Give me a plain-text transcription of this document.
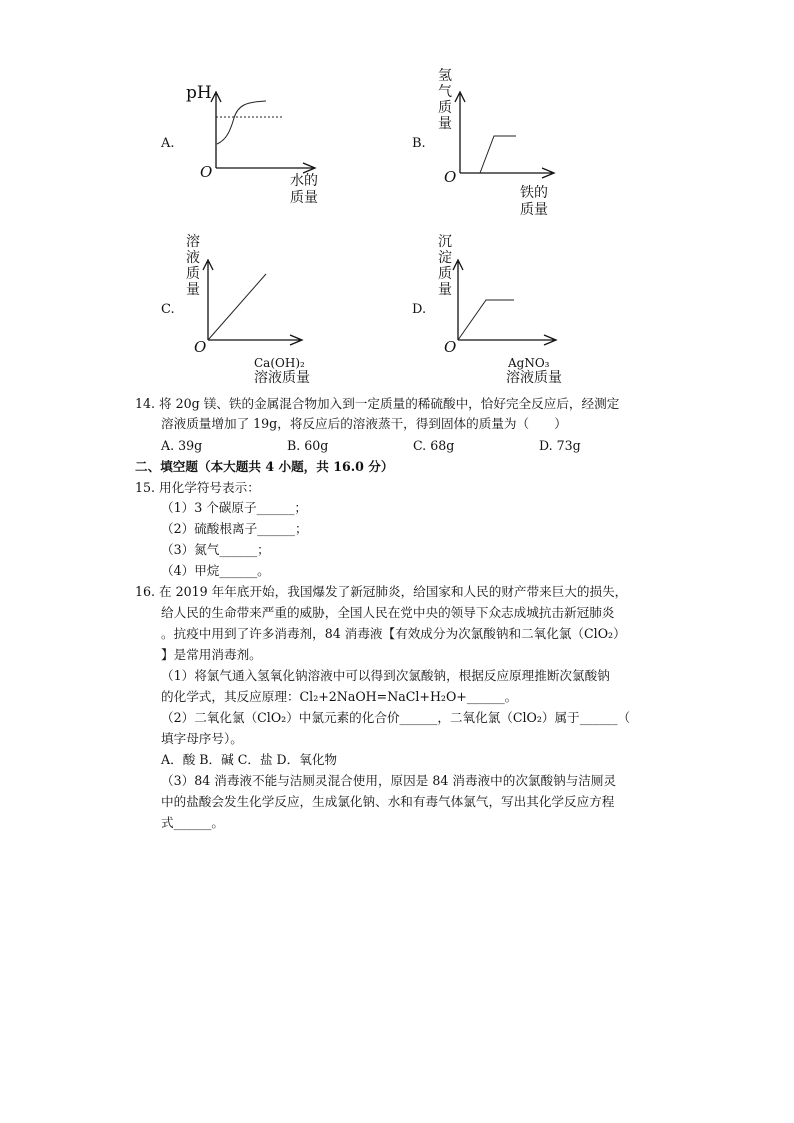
A.
pH
O	水的
质量
B.
氢
气
质
量
O
铁的
质量
C.
溶
液
质
量
O
Ca(OH)₂
溶液质量
D.
沉
淀
质
量
O
AgNO₃
溶液质量
14. 将 20g 镁、铁的金属混合物加入到一定质量的稀硫酸中，恰好完全反应后，经测定
溶液质量增加了 19g，将反应后的溶液蒸干，得到固体的质量为（　　）
A. 39g	B. 60g	C. 68g	D. 73g
二、填空题（本大题共 4 小题，共 16.0 分）
15. 用化学符号表示：
（1）3 个碳原子______；
（2）硫酸根离子______；
（3）氮气______；
（4）甲烷______。
16. 在 2019 年年底开始，我国爆发了新冠肺炎，给国家和人民的财产带来巨大的损失，
给人民的生命带来严重的威胁，全国人民在党中央的领导下众志成城抗击新冠肺炎
。抗疫中用到了许多消毒剂，84 消毒液【有效成分为次氯酸钠和二氧化氯（ClO₂）
】是常用消毒剂。
（1）将氯气通入氢氧化钠溶液中可以得到次氯酸钠，根据反应原理推断次氯酸钠
的化学式，其反应原理：Cl₂+2NaOH=NaCl+H₂O+______。
（2）二氧化氯（ClO₂）中氯元素的化合价______，二氧化氯（ClO₂）属于______（
填字母序号）。
A．酸 B．碱 C．盐 D．氧化物
（3）84 消毒液不能与洁厕灵混合使用，原因是 84 消毒液中的次氯酸钠与洁厕灵
中的盐酸会发生化学反应，生成氯化钠、水和有毒气体氯气，写出其化学反应方程
式______。
